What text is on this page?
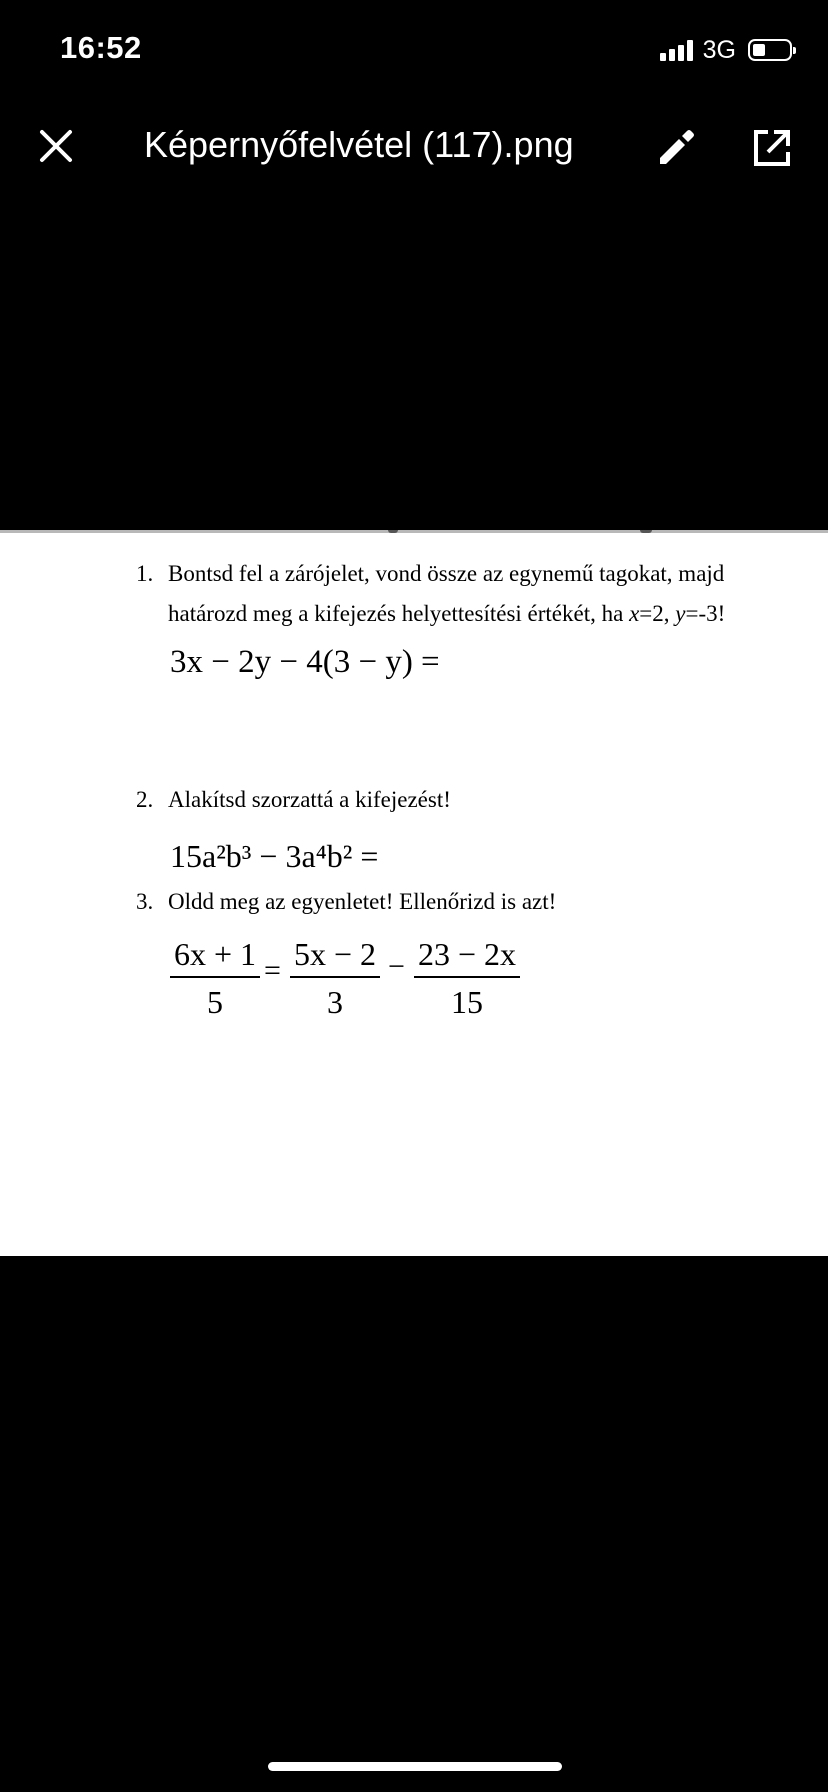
16:52	3G
Képernyőfelvétel (117).png
1. Bontsd fel a zárójelet, vond össze az egynemű tagokat, majd
határozd meg a kifejezés helyettesítési értékét, ha x=2, y=-3!
3x − 2y − 4(3 − y) =
2. Alakítsd szorzattá a kifejezést!
15a²b³ − 3a⁴b² =
3. Oldd meg az egyenletet! Ellenőrizd is azt!
$\frac{6x + 1}{5} = \frac{5x - 2}{3} - \frac{23 - 2x}{15}$
